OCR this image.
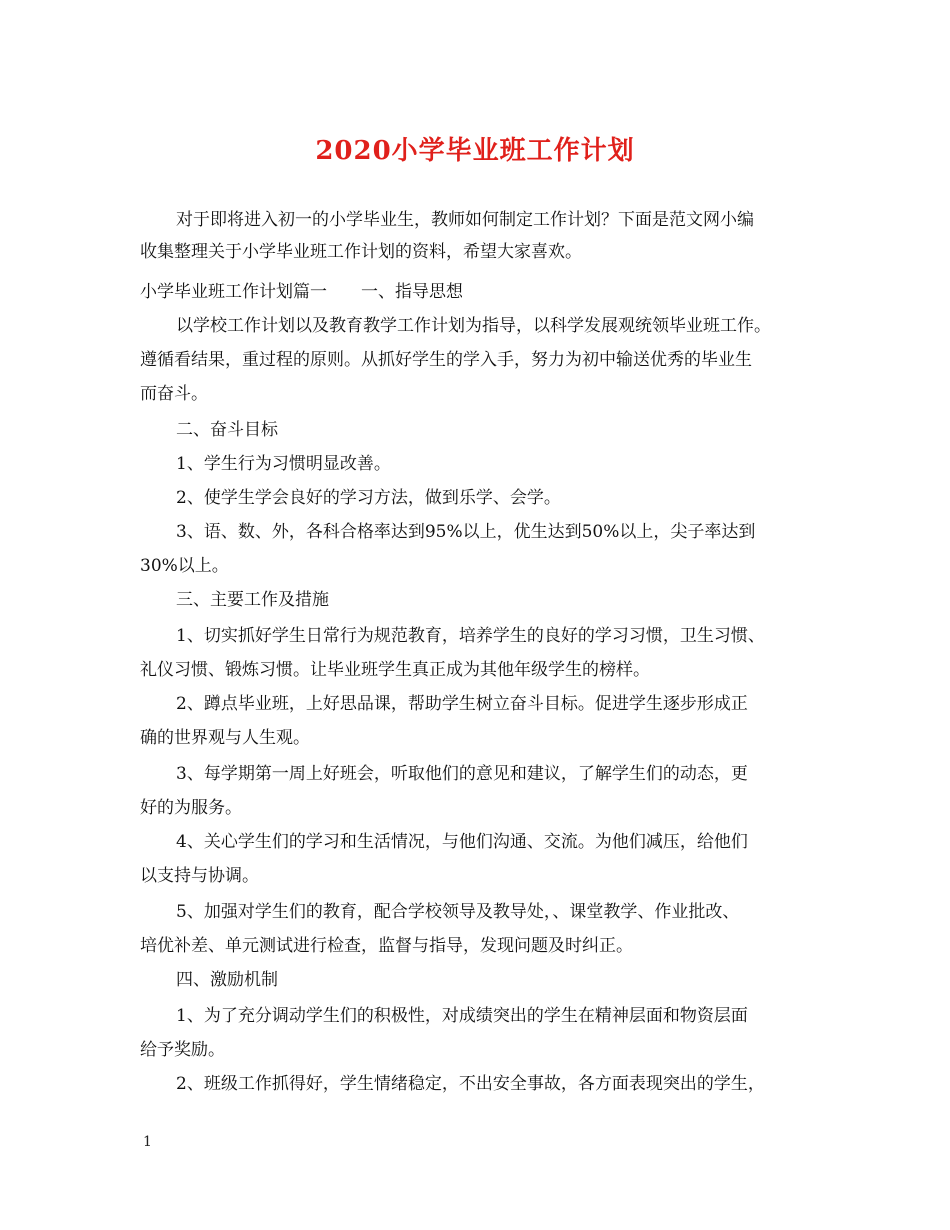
2020小学毕业班工作计划
对于即将进入初一的小学毕业生，教师如何制定工作计划？下面是范文网小编
收集整理关于小学毕业班工作计划的资料，希望大家喜欢。
小学毕业班工作计划篇一　　一、指导思想
以学校工作计划以及教育教学工作计划为指导，以科学发展观统领毕业班工作。
遵循看结果，重过程的原则。从抓好学生的学入手，努力为初中输送优秀的毕业生
而奋斗。
二、奋斗目标
1、学生行为习惯明显改善。
2、使学生学会良好的学习方法，做到乐学、会学。
3、语、数、外，各科合格率达到95%以上，优生达到50%以上，尖子率达到
30%以上。
三、主要工作及措施
1、切实抓好学生日常行为规范教育，培养学生的良好的学习习惯，卫生习惯、
礼仪习惯、锻炼习惯。让毕业班学生真正成为其他年级学生的榜样。
2、蹲点毕业班，上好思品课，帮助学生树立奋斗目标。促进学生逐步形成正
确的世界观与人生观。
3、每学期第一周上好班会，听取他们的意见和建议，了解学生们的动态，更
好的为服务。
4、关心学生们的学习和生活情况，与他们沟通、交流。为他们减压，给他们
以支持与协调。
5、加强对学生们的教育，配合学校领导及教导处，、课堂教学、作业批改、
培优补差、单元测试进行检查，监督与指导，发现问题及时纠正。
四、激励机制
1、为了充分调动学生们的积极性，对成绩突出的学生在精神层面和物资层面
给予奖励。
2、班级工作抓得好，学生情绪稳定，不出安全事故，各方面表现突出的学生，
1
